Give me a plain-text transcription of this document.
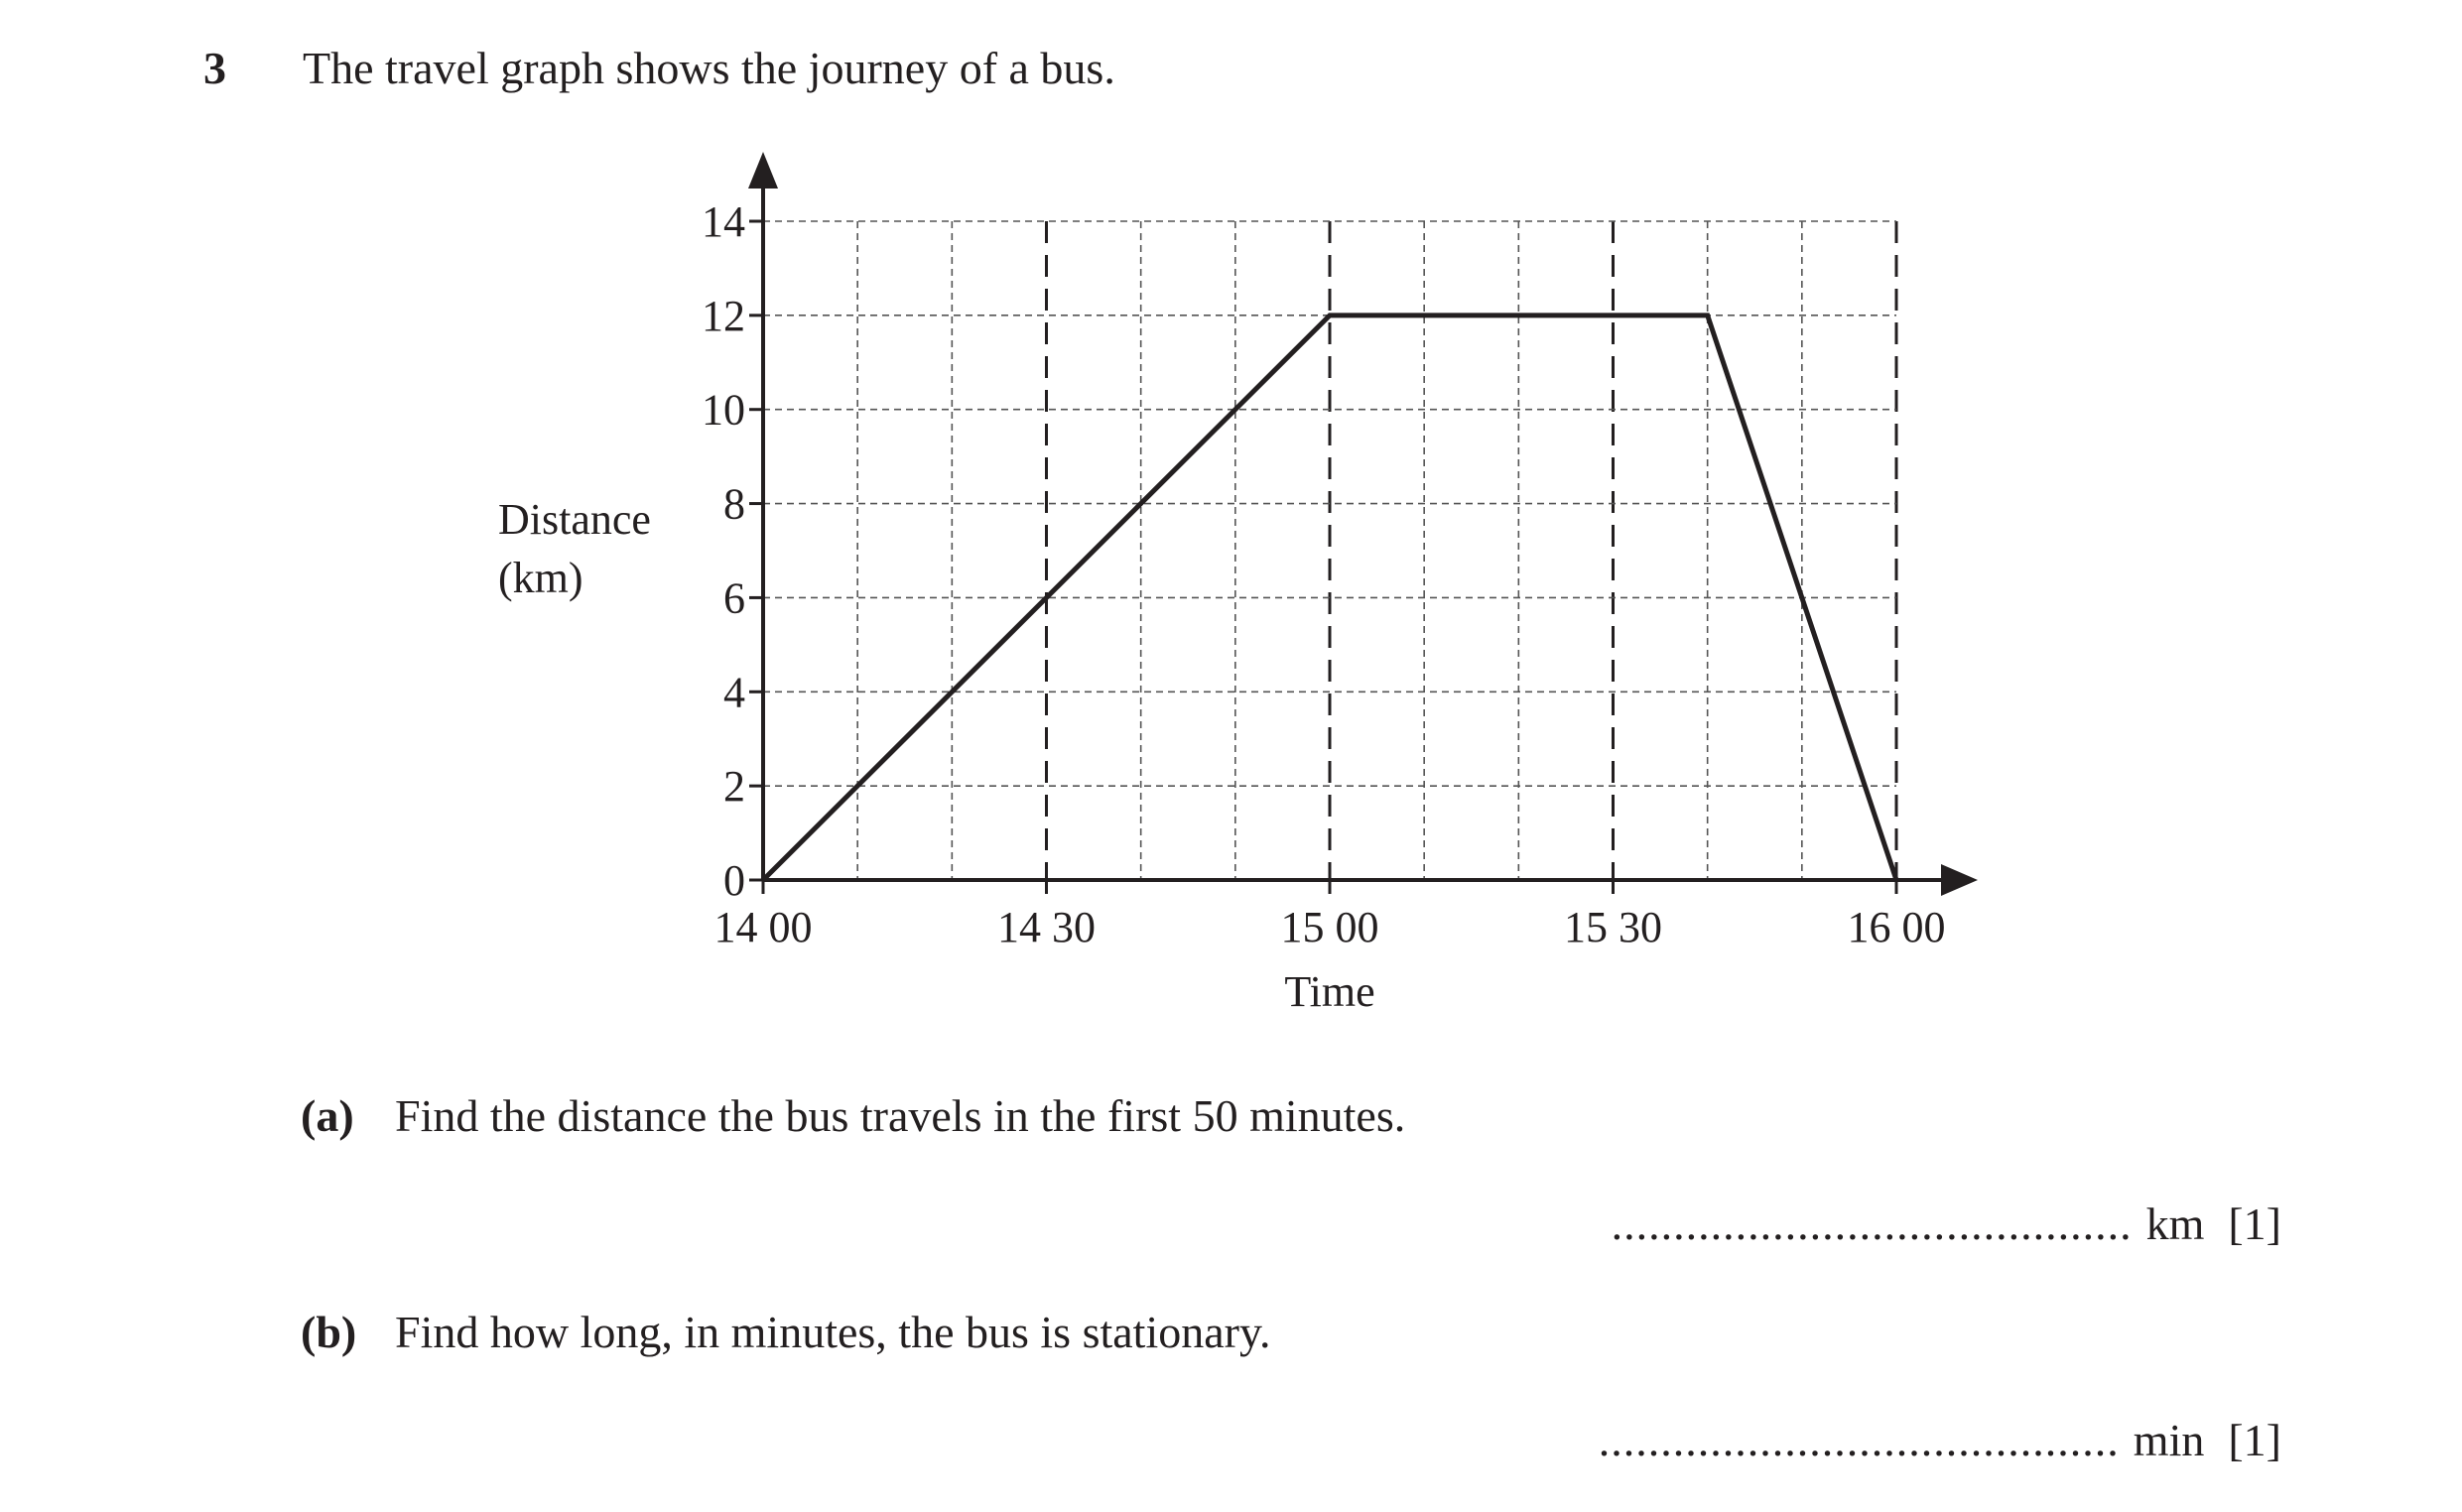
3 The travel graph shows the journey of a bus.
Distance
(km)
0
2
4
6
8
10
12
14
14 00	14 30	15 00	15 30	16 00
Time
(a) Find the distance the bus travels in the first 50 minutes.
.......................................... km [1]
(b) Find how long, in minutes, the bus is stationary.
.......................................... min [1]
